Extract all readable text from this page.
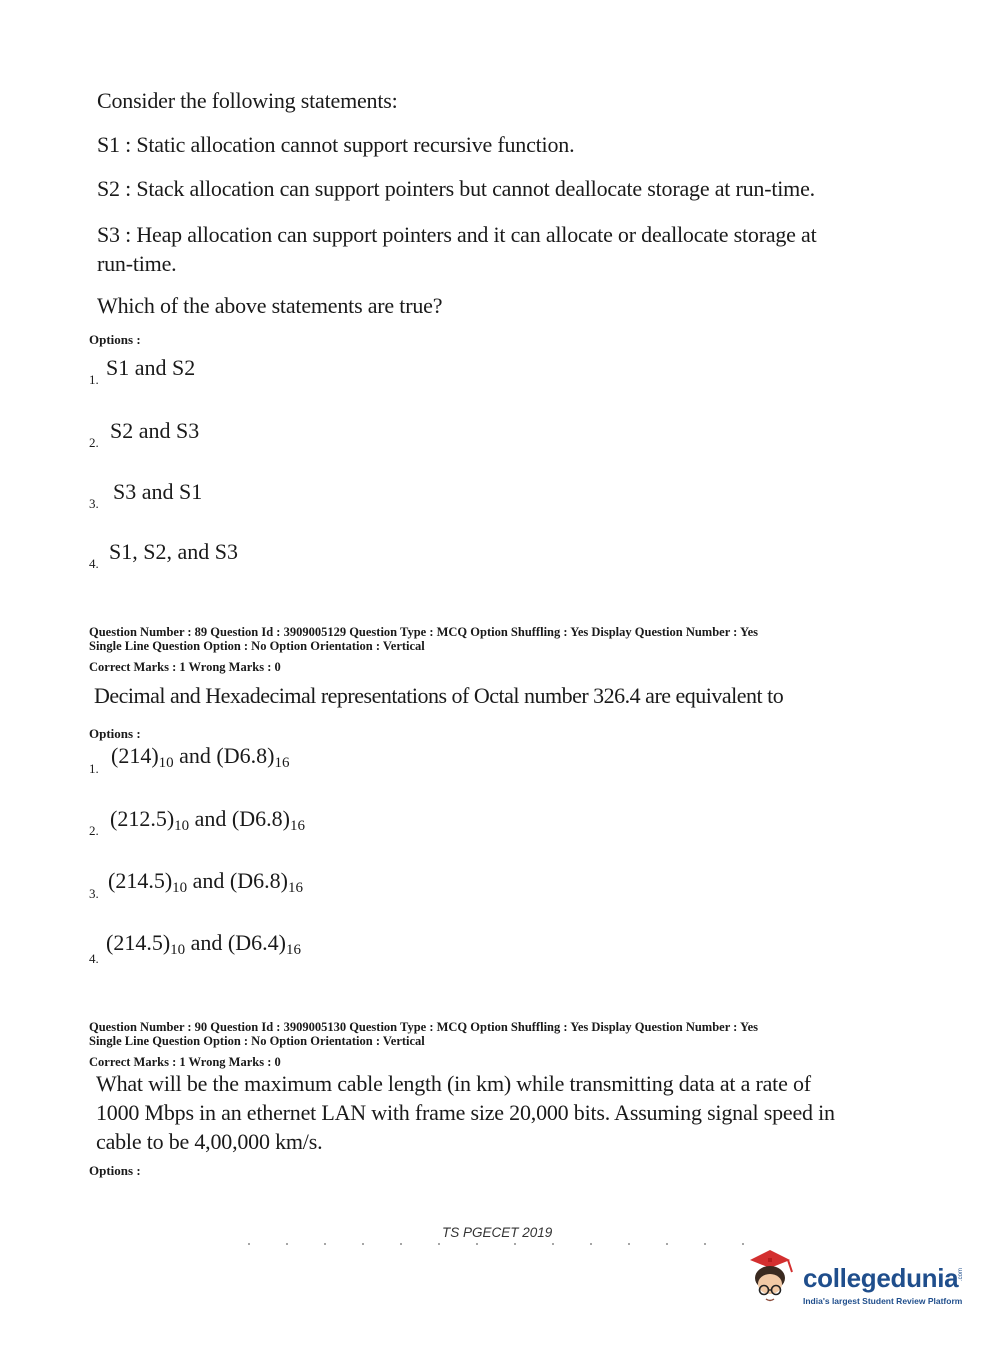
Consider the following statements:
S1 : Static allocation cannot support recursive function.
S2 : Stack allocation can support pointers but cannot deallocate storage at run-time.
S3 : Heap allocation can support pointers and it can allocate or deallocate storage at
run-time.
Which of the above statements are true?
Options :
1. S1 and S2
2. S2 and S3
3. S3 and S1
4. S1, S2, and S3
Question Number : 89 Question Id : 3909005129 Question Type : MCQ Option Shuffling : Yes Display Question Number : Yes
Single Line Question Option : No Option Orientation : Vertical
Correct Marks : 1 Wrong Marks : 0
Decimal and Hexadecimal representations of Octal number 326.4 are equivalent to
Options :
1.
(214)10 and (D6.8)16
2. (212.5)10 and (D6.8)16
3.
(214.5)10 and (D6.8)16
4.
(214.5)10 and (D6.4)16
Question Number : 90 Question Id : 3909005130 Question Type : MCQ Option Shuffling : Yes Display Question Number : Yes
Single Line Question Option : No Option Orientation : Vertical
Correct Marks : 1 Wrong Marks : 0
What will be the maximum cable length (in km) while transmitting data at a rate of
1000 Mbps in an ethernet LAN with frame size 20,000 bits. Assuming signal speed in
cable to be 4,00,000 km/s.
Options :
TS PGECET 2019
collegedunia .com
India's largest Student Review Platform
